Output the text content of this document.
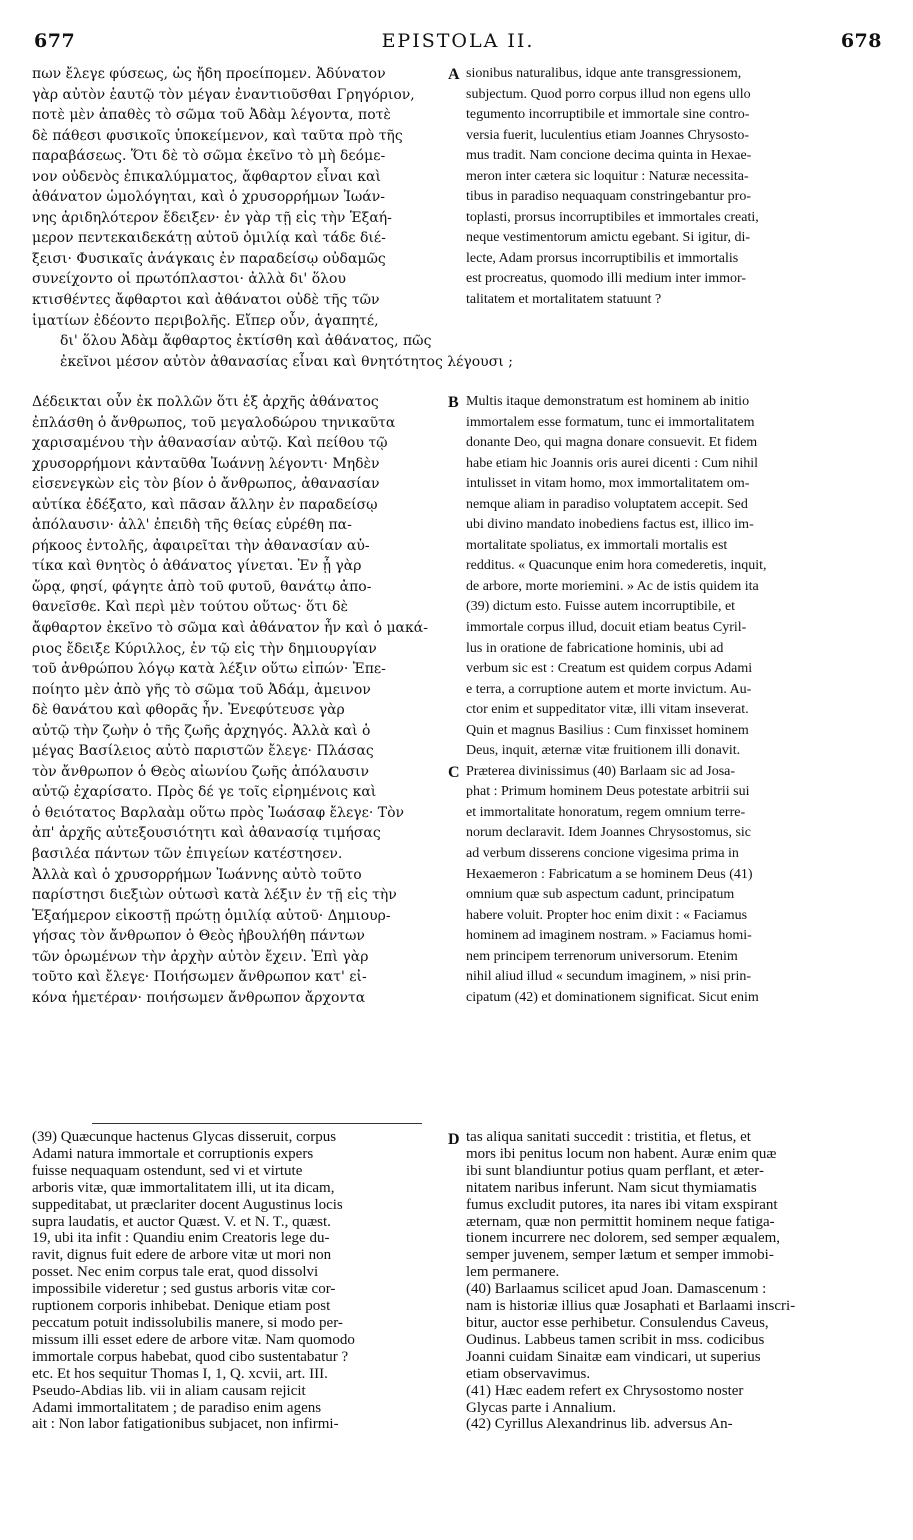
677	EPISTOLA II.	678

πων ἔλεγε φύσεως, ὡς ἤδη προείπομεν. Ἀδύνατον

γὰρ αὐτὸν ἑαυτῷ τὸν μέγαν ἐναντιοῦσθαι Γρηγόριον,

ποτὲ μὲν ἀπαθὲς τὸ σῶμα τοῦ Ἀδὰμ λέγοντα, ποτὲ

δὲ πάθεσι φυσικοῖς ὑποκείμενον, καὶ ταῦτα πρὸ τῆς

παραβάσεως. Ὅτι δὲ τὸ σῶμα ἐκεῖνο τὸ μὴ δεόμε-

νον οὐδενὸς ἐπικαλύμματος, ἄφθαρτον εἶναι καὶ

ἀθάνατον ὡμολόγηται, καὶ ὁ χρυσορρήμων Ἰωάν-

νης ἀριδηλότερον ἔδειξεν· ἐν γὰρ τῇ εἰς τὴν Ἑξαή-

μερον πεντεκαιδεκάτῃ αὐτοῦ ὁμιλίᾳ καὶ τάδε διέ-

ξεισι· Φυσικαῖς ἀνάγκαις ἐν παραδείσῳ οὐδαμῶς

συνείχοντο οἱ πρωτόπλαστοι· ἀλλὰ δι' ὅλου

κτισθέντες ἄφθαρτοι καὶ ἀθάνατοι οὐδὲ τῆς τῶν

ἱματίων ἐδέοντο περιβολῆς. Εἴπερ οὖν, ἀγαπητέ,

sionibus naturalibus, idque ante transgressionem,

subjectum. Quod porro corpus illud non egens ullo

tegumento incorruptibile et immortale sine contro-

versia fuerit, luculentius etiam Joannes Chrysosto-

mus tradit. Nam concione decima quinta in Hexae-

meron inter cætera sic loquitur : Naturæ necessita-

tibus in paradiso nequaquam constringebantur pro-

toplasti, prorsus incorruptibiles et immortales creati,

neque vestimentorum amictu egebant. Si igitur, di-

lecte, Adam prorsus incorruptibilis et immortalis

est procreatus, quomodo illi medium inter immor-

talitatem et mortalitatem statuunt ?

δι' ὅλου Ἀδὰμ ἄφθαρτος ἐκτίσθη καὶ ἀθάνατος, πῶς

ἐκεῖνοι μέσον αὐτὸν ἀθανασίας εἶναι καὶ θνητότητος λέγουσι ;

Δέδεικται οὖν ἐκ πολλῶν ὅτι ἐξ ἀρχῆς ἀθάνατος

ἐπλάσθη ὁ ἄνθρωπος, τοῦ μεγαλοδώρου τηνικαῦτα

χαρισαμένου τὴν ἀθανασίαν αὐτῷ. Καὶ πείθου τῷ

χρυσορρήμονι κἀνταῦθα Ἰωάννῃ λέγοντι· Μηδὲν

εἰσενεγκὼν εἰς τὸν βίον ὁ ἄνθρωπος, ἀθανασίαν

αὐτίκα ἐδέξατο, καὶ πᾶσαν ἄλλην ἐν παραδείσῳ

ἀπόλαυσιν· ἀλλ' ἐπειδὴ τῆς θείας εὑρέθη πα-

ρήκοος ἐντολῆς, ἀφαιρεῖται τὴν ἀθανασίαν αὐ-

τίκα καὶ θνητὸς ὁ ἀθάνατος γίνεται. Ἐν ᾗ γὰρ

ὥρᾳ, φησί, φάγητε ἀπὸ τοῦ φυτοῦ, θανάτῳ ἀπο-

θανεῖσθε. Καὶ περὶ μὲν τούτου οὕτως· ὅτι δὲ

ἄφθαρτον ἐκεῖνο τὸ σῶμα καὶ ἀθάνατον ἦν καὶ ὁ μακά-

ριος ἔδειξε Κύριλλος, ἐν τῷ εἰς τὴν δημιουργίαν

τοῦ ἀνθρώπου λόγῳ κατὰ λέξιν οὕτω εἰπών· Ἐπε-

ποίητο μὲν ἀπὸ γῆς τὸ σῶμα τοῦ Ἀδάμ, ἀμεινον

δὲ θανάτου καὶ φθορᾶς ἦν. Ἐνεφύτευσε γὰρ

αὐτῷ τὴν ζωὴν ὁ τῆς ζωῆς ἀρχηγός. Ἀλλὰ καὶ ὁ

μέγας Βασίλειος αὐτὸ παριστῶν ἔλεγε· Πλάσας

τὸν ἄνθρωπον ὁ Θεὸς αἰωνίου ζωῆς ἀπόλαυσιν

αὐτῷ ἐχαρίσατο. Πρὸς δέ γε τοῖς εἰρημένοις καὶ

ὁ θειότατος Βαρλαὰμ οὕτω πρὸς Ἰωάσαφ ἔλεγε· Τὸν

ἀπ' ἀρχῆς αὐτεξουσιότητι καὶ ἀθανασίᾳ τιμήσας

βασιλέα πάντων τῶν ἐπιγείων κατέστησεν.

Ἀλλὰ καὶ ὁ χρυσορρήμων Ἰωάννης αὐτὸ τοῦτο

παρίστησι διεξιὼν οὑτωσὶ κατὰ λέξιν ἐν τῇ εἰς τὴν

Ἑξαήμερον εἰκοστῇ πρώτῃ ὁμιλίᾳ αὐτοῦ· Δημιουρ-

γήσας τὸν ἄνθρωπον ὁ Θεὸς ἠβουλήθη πάντων

τῶν ὁρωμένων τὴν ἀρχὴν αὐτὸν ἔχειν. Ἐπὶ γὰρ

τοῦτο καὶ ἔλεγε· Ποιήσωμεν ἄνθρωπον κατ' εἰ-

κόνα ἡμετέραν· ποιήσωμεν ἄνθρωπον ἄρχοντα

Multis itaque demonstratum est hominem ab initio

immortalem esse formatum, tunc ei immortalitatem

donante Deo, qui magna donare consuevit. Et fidem

habe etiam hic Joannis oris aurei dicenti : Cum nihil

intulisset in vitam homo, mox immortalitatem om-

nemque aliam in paradiso voluptatem accepit. Sed

ubi divino mandato inobediens factus est, illico im-

mortalitate spoliatus, ex immortali mortalis est

redditus. « Quacunque enim hora comederetis, inquit,

de arbore, morte moriemini. » Ac de istis quidem ita

(39) dictum esto. Fuisse autem incorruptibile, et

immortale corpus illud, docuit etiam beatus Cyril-

lus in oratione de fabricatione hominis, ubi ad

verbum sic est : Creatum est quidem corpus Adami

e terra, a corruptione autem et morte invictum. Au-

ctor enim et suppeditator vitæ, illi vitam inseverat.

Quin et magnus Basilius : Cum finxisset hominem

Deus, inquit, æternæ vitæ fruitionem illi donavit.

Præterea divinissimus (40) Barlaam sic ad Josa-

phat : Primum hominem Deus potestate arbitrii sui

et immortalitate honoratum, regem omnium terre-

norum declaravit. Idem Joannes Chrysostomus, sic

ad verbum disserens concione vigesima prima in

Hexaemeron : Fabricatum a se hominem Deus (41)

omnium quæ sub aspectum cadunt, principatum

habere voluit. Propter hoc enim dixit : « Faciamus

hominem ad imaginem nostram. » Faciamus homi-

nem principem terrenorum universorum. Etenim

nihil aliud illud « secundum imaginem, » nisi prin-

cipatum (42) et dominationem significat. Sicut enim

A
B
C
D

(39) Quæcunque hactenus Glycas disseruit, corpus

Adami natura immortale et corruptionis expers

fuisse nequaquam ostendunt, sed vi et virtute

arboris vitæ, quæ immortalitatem illi, ut ita dicam,

suppeditabat, ut præclariter docent Augustinus locis

supra laudatis, et auctor Quæst. V. et N. T., quæst.

19, ubi ita infit : Quandiu enim Creatoris lege du-

ravit, dignus fuit edere de arbore vitæ ut mori non

posset. Nec enim corpus tale erat, quod dissolvi

impossibile videretur ; sed gustus arboris vitæ cor-

ruptionem corporis inhibebat. Denique etiam post

peccatum potuit indissolubilis manere, si modo per-

missum illi esset edere de arbore vitæ. Nam quomodo

immortale corpus habebat, quod cibo sustentabatur ?

etc. Et hos sequitur Thomas I, 1, Q. xcvii, art. III.

Pseudo-Abdias lib. vii in aliam causam rejicit

Adami immortalitatem ; de paradiso enim agens

ait : Non labor fatigationibus subjacet, non infirmi-

tas aliqua sanitati succedit : tristitia, et fletus, et

mors ibi penitus locum non habent. Auræ enim quæ

ibi sunt blandiuntur potius quam perflant, et æter-

nitatem naribus inferunt. Nam sicut thymiamatis

fumus excludit putores, ita nares ibi vitam exspirant

æternam, quæ non permittit hominem neque fatiga-

tionem incurrere nec dolorem, sed semper æqualem,

semper juvenem, semper lætum et semper immobi-

lem permanere.

(40) Barlaamus scilicet apud Joan. Damascenum :

nam is historiæ illius quæ Josaphati et Barlaami inscri-

bitur, auctor esse perhibetur. Consulendus Caveus,

Oudinus. Labbeus tamen scribit in mss. codicibus

Joanni cuidam Sinaitæ eam vindicari, ut superius

etiam observavimus.

(41) Hæc eadem refert ex Chrysostomo noster

Glycas parte i Annalium.

(42) Cyrillus Alexandrinus lib. adversus An-
